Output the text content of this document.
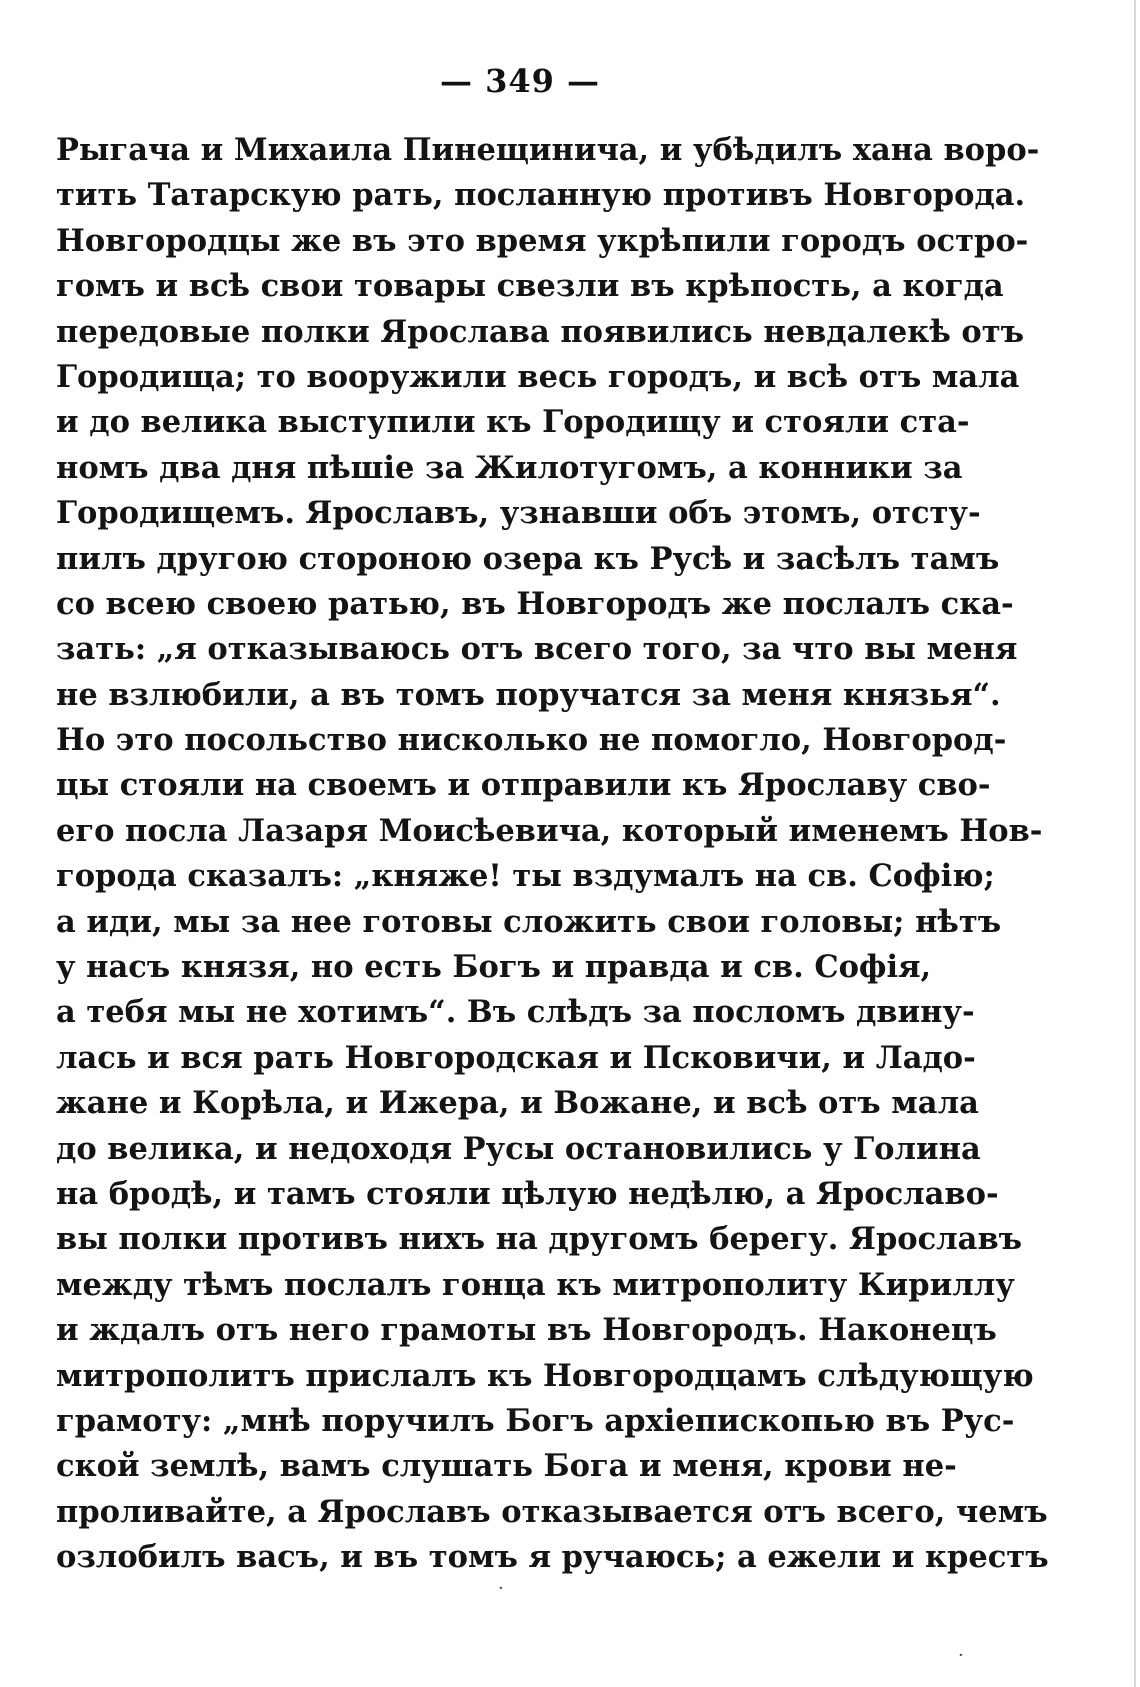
— 349 —
Рыгача и Михаила Пинещинича, и убѣдилъ хана воро-
тить Татарскую рать, посланную противъ Новгорода.
Новгородцы же въ это время укрѣпили городъ остро-
гомъ и всѣ свои товары свезли въ крѣпость, а когда
передовые полки Ярослава появились невдалекѣ отъ
Городища; то вооружили весь городъ, и всѣ отъ мала
и до велика выступили къ Городищу и стояли ста-
номъ два дня пѣшіе за Жилотугомъ, а конники за
Городищемъ. Ярославъ, узнавши объ этомъ, отсту-
пилъ другою стороною озера къ Русѣ и засѣлъ тамъ
со всею своею ратью, въ Новгородъ же послалъ ска-
зать: „я отказываюсь отъ всего того, за что вы меня
не взлюбили, а въ томъ поручатся за меня князья“.
Но это посольство нисколько не помогло, Новгород-
цы стояли на своемъ и отправили къ Ярославу сво-
его посла Лазаря Моисѣевича, который именемъ Нов-
города сказалъ: „княже! ты вздумалъ на св. Софію;
а иди, мы за нее готовы сложить свои головы; нѣтъ
у насъ князя, но есть Богъ и правда и св. Софія,
а тебя мы не хотимъ“. Въ слѣдъ за посломъ двину-
лась и вся рать Новгородская и Псковичи, и Ладо-
жане и Корѣла, и Ижера, и Вожане, и всѣ отъ мала
до велика, и недоходя Русы остановились у Голина
на бродѣ, и тамъ стояли цѣлую недѣлю, а Ярославо-
вы полки противъ нихъ на другомъ берегу. Ярославъ
между тѣмъ послалъ гонца къ митрополиту Кириллу
и ждалъ отъ него грамоты въ Новгородъ. Наконецъ
митрополитъ прислалъ къ Новгородцамъ слѣдующую
грамоту: „мнѣ поручилъ Богъ архіепископью въ Рус-
ской землѣ, вамъ слушать Бога и меня, крови не-
проливайте, а Ярославъ отказывается отъ всего, чемъ
озлобилъ васъ, и въ томъ я ручаюсь; а ежели и крестъ
·
·
